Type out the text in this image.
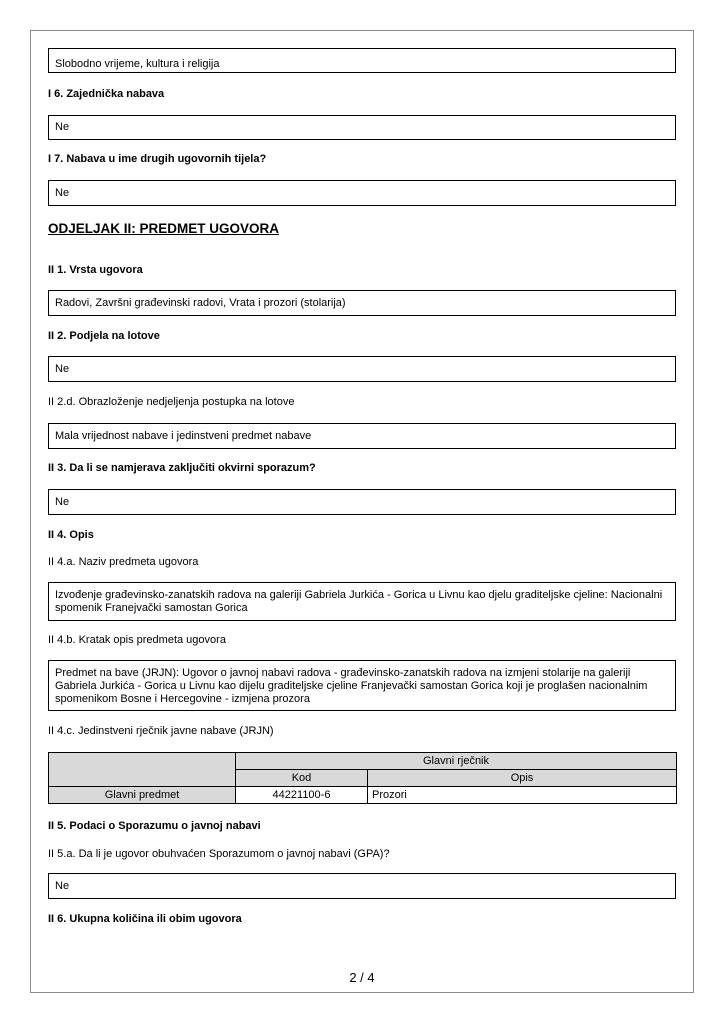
Slobodno vrijeme, kultura i religija
I 6. Zajednička nabava
Ne
I 7. Nabava u ime drugih ugovornih tijela?
Ne
ODJELJAK II: PREDMET UGOVORA
II 1. Vrsta ugovora
Radovi, Završni građevinski radovi, Vrata i prozori (stolarija)
II 2. Podjela na lotove
Ne
II 2.d. Obrazloženje nedjeljenja postupka na lotove
Mala vrijednost nabave i jedinstveni predmet nabave
II 3. Da li se namjerava zaključiti okvirni sporazum?
Ne
II 4. Opis
II 4.a. Naziv predmeta ugovora
Izvođenje građevinsko-zanatskih radova na galeriji Gabriela Jurkića - Gorica u Livnu kao djelu graditeljske cjeline: Nacionalni
spomenik Franejvački samostan Gorica
II 4.b. Kratak opis predmeta ugovora
Predmet na bave (JRJN): Ugovor o javnoj nabavi radova - građevinsko-zanatskih radova na izmjeni stolarije na galeriji
Gabriela Jurkića - Gorica u Livnu kao dijelu graditeljske cjeline Franjevački samostan Gorica koji je proglašen nacionalnim
spomenikom Bosne i Hercegovine - izmjena prozora
II 4.c. Jedinstveni rječnik javne nabave (JRJN)
	Glavni rječnik	
	Kod	Opis
Glavni predmet	44221100-6	Prozori
II 5. Podaci o Sporazumu o javnoj nabavi
II 5.a. Da li je ugovor obuhvaćen Sporazumom o javnoj nabavi (GPA)?
Ne
II 6. Ukupna količina ili obim ugovora
2 / 4
